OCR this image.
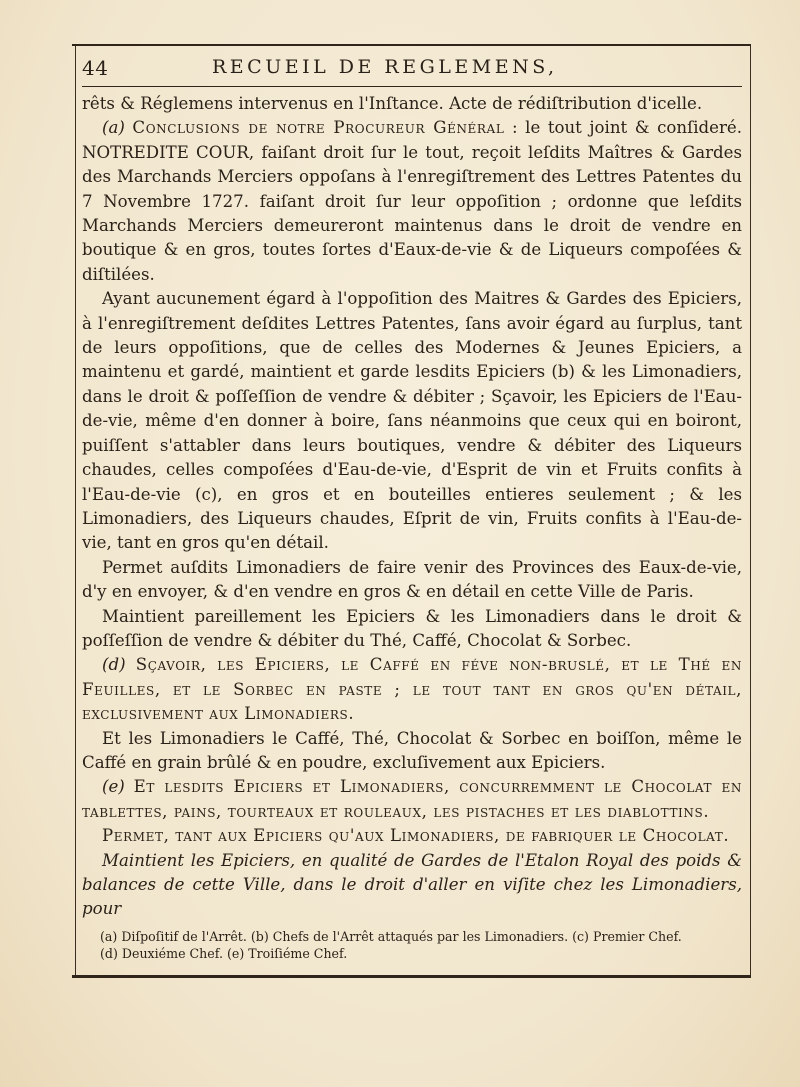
44	RECUEIL DE REGLEMENS,

rêts & Réglemens intervenus en l'Inſtance. Acte de rédiſtribution d'icelle.

(a) Conclusions de notre Procureur Général : le tout joint & conſideré. NOTREDITE COUR, faiſant droit ſur le tout, reçoit leſdits Maîtres & Gardes des Marchands Merciers oppoſans à l'enregiſtrement des Lettres Patentes du 7 Novembre 1727. faiſant droit ſur leur oppoſition ; ordonne que leſdits Marchands Merciers demeureront maintenus dans le droit de vendre en boutique & en gros, toutes ſortes d'Eaux-de-vie & de Liqueurs compoſées & diſtilées.

Ayant aucunement égard à l'oppoſition des Maitres & Gardes des Epiciers, à l'enregiſtrement deſdites Lettres Patentes, ſans avoir égard au ſurplus, tant de leurs oppoſitions, que de celles des Modernes & Jeunes Epiciers, a maintenu et gardé, maintient et garde lesdits Epiciers (b) & les Limonadiers, dans le droit & poſſeſſion de vendre & débiter ; Sçavoir, les Epiciers de l'Eau-de-vie, même d'en donner à boire, ſans néanmoins que ceux qui en boiront, puiſſent s'attabler dans leurs boutiques, vendre & débiter des Liqueurs chaudes, celles compoſées d'Eau-de-vie, d'Esprit de vin et Fruits confits à l'Eau-de-vie (c), en gros et en bouteilles entieres seulement ; & les Limonadiers, des Liqueurs chaudes, Eſprit de vin, Fruits confits à l'Eau-de-vie, tant en gros qu'en détail.

Permet auſdits Limonadiers de faire venir des Provinces des Eaux-de-vie, d'y en envoyer, & d'en vendre en gros & en détail en cette Ville de Paris.

Maintient pareillement les Epiciers & les Limonadiers dans le droit & poſſeſſion de vendre & débiter du Thé, Caffé, Chocolat & Sorbec.

(d) Sçavoir, les Epiciers, le Caffé en féve non-bruslé, et le Thé en Feuilles, et le Sorbec en paste ; le tout tant en gros qu'en détail, exclusivement aux Limonadiers.

Et les Limonadiers le Caffé, Thé, Chocolat & Sorbec en boiſſon, même le Caffé en grain brûlé & en poudre, excluſivement aux Epiciers.

(e) Et lesdits Epiciers et Limonadiers, concurremment le Chocolat en tablettes, pains, tourteaux et rouleaux, les pistaches et les diablottins.

Permet, tant aux Epiciers qu'aux Limonadiers, de fabriquer le Chocolat.

Maintient les Epiciers, en qualité de Gardes de l'Etalon Royal des poids & balances de cette Ville, dans le droit d'aller en viſite chez les Limonadiers, pour

(a) Diſpoſitif de l'Arrêt. (b) Chefs de l'Arrêt attaqués par les Limonadiers. (c) Premier Chef.
(d) Deuxiéme Chef. (e) Troiſiéme Chef.
